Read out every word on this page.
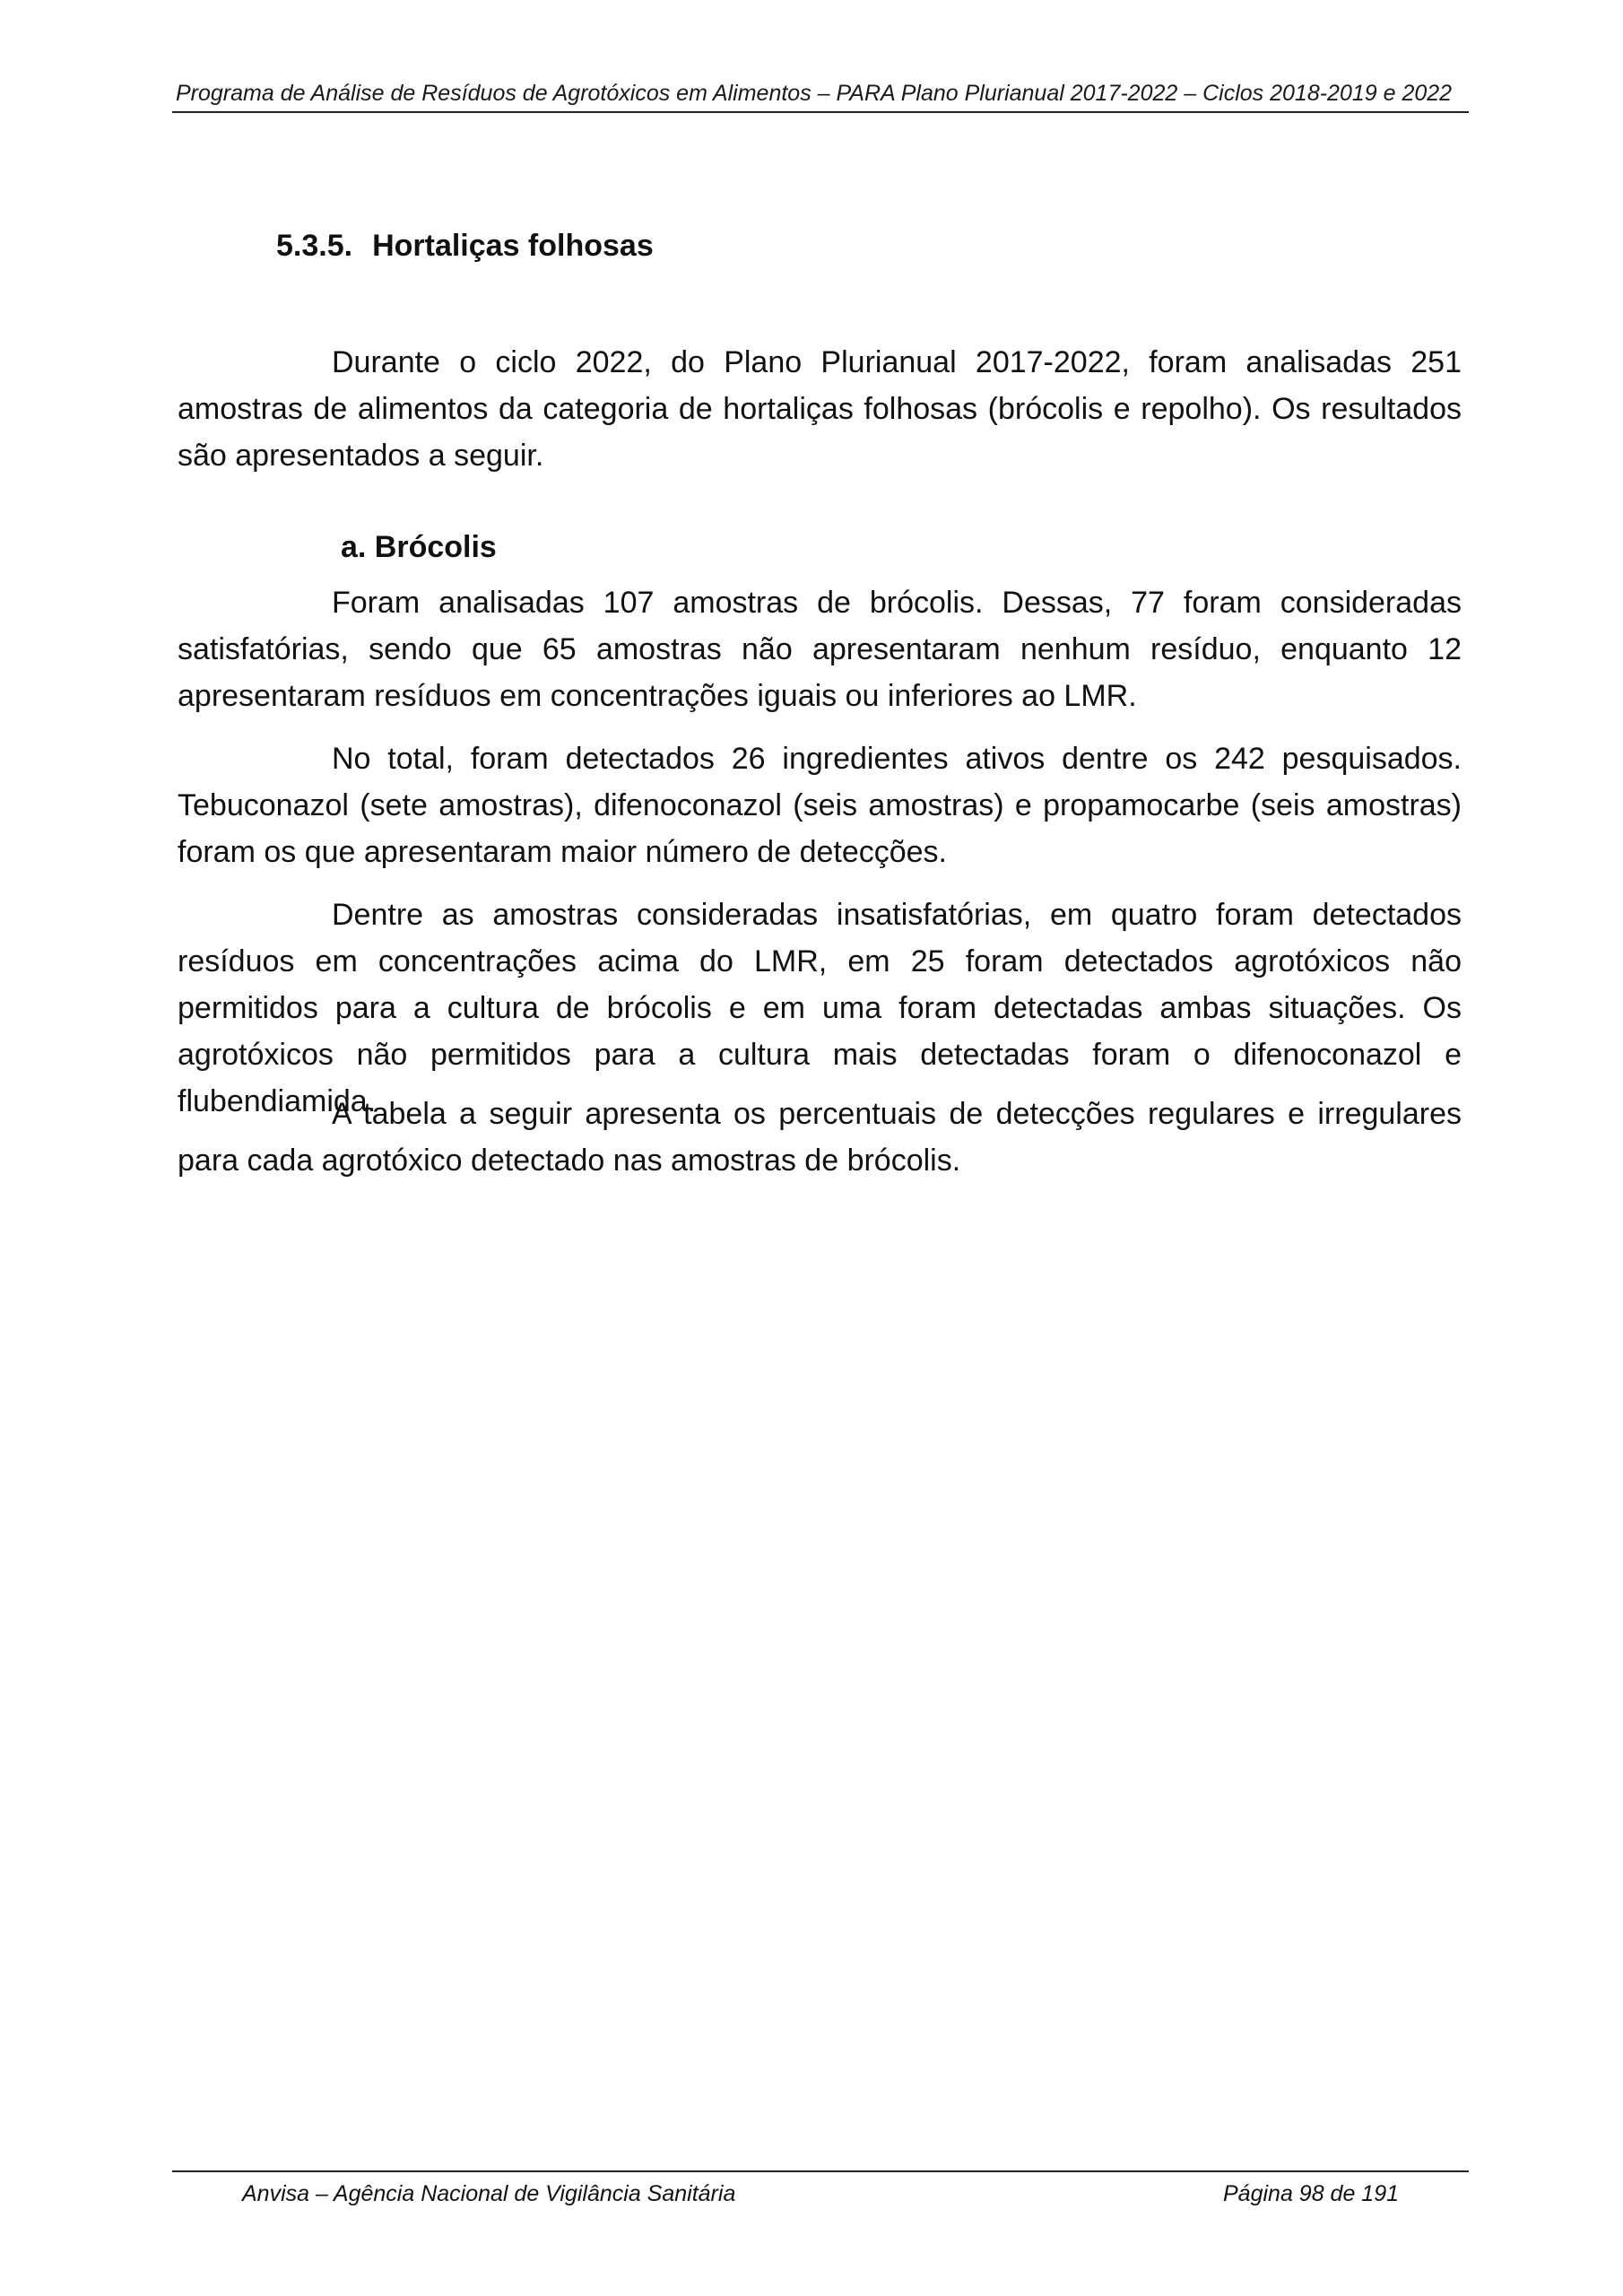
Programa de Análise de Resíduos de Agrotóxicos em Alimentos – PARA Plano Plurianual 2017-2022 – Ciclos 2018-2019 e 2022
5.3.5. Hortaliças folhosas

Durante o ciclo 2022, do Plano Plurianual 2017-2022, foram analisadas 251 amostras de alimentos da categoria de hortaliças folhosas (brócolis e repolho). Os resultados são apresentados a seguir.

a. Brócolis

Foram analisadas 107 amostras de brócolis. Dessas, 77 foram consideradas satisfatórias, sendo que 65 amostras não apresentaram nenhum resíduo, enquanto 12 apresentaram resíduos em concentrações iguais ou inferiores ao LMR.

No total, foram detectados 26 ingredientes ativos dentre os 242 pesquisados. Tebuconazol (sete amostras), difenoconazol (seis amostras) e propamocarbe (seis amostras) foram os que apresentaram maior número de detecções.

Dentre as amostras consideradas insatisfatórias, em quatro foram detectados resíduos em concentrações acima do LMR, em 25 foram detectados agrotóxicos não permitidos para a cultura de brócolis e em uma foram detectadas ambas situações. Os agrotóxicos não permitidos para a cultura mais detectadas foram o difenoconazol e flubendiamida.

A tabela a seguir apresenta os percentuais de detecções regulares e irregulares para cada agrotóxico detectado nas amostras de brócolis.

Anvisa – Agência Nacional de Vigilância Sanitária	Página 98 de 191
